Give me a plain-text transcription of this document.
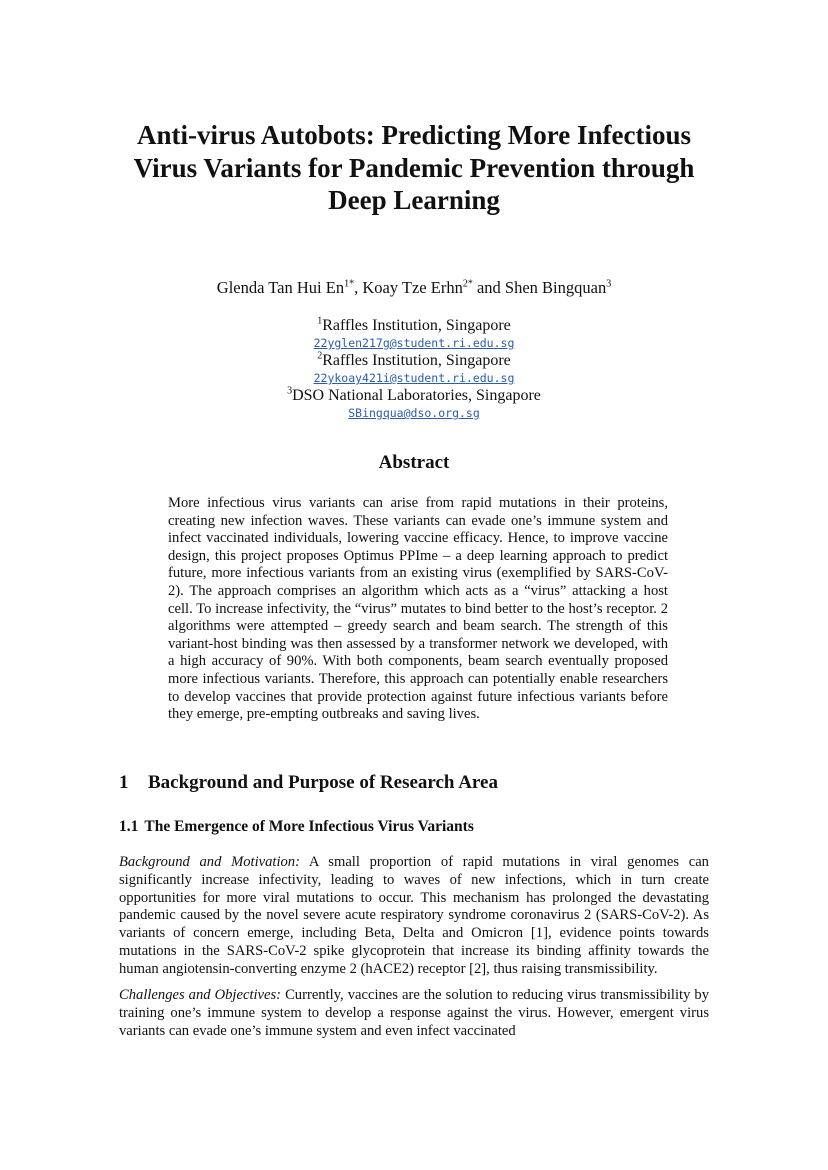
Anti-virus Autobots: Predicting More Infectious
Virus Variants for Pandemic Prevention through
Deep Learning

Glenda Tan Hui $En^{1*}$, Koay Tze Erhn$^{2*}$ and Shen Bingquan$^3$

$^1$Raffles Institution, Singapore

22yglen217g@student.ri.edu.sg

$^2$Raffles Institution, Singapore

22ykoay421i@student.ri.edu.sg

$^3$DSO National Laboratories, Singapore

SBingqua@dso.org.sg
Abstract

More infectious virus variants can arise from rapid mutations in their proteins, creating new infection waves. These variants can evade one’s immune system and infect vaccinated individuals, lowering vaccine efficacy. Hence, to improve vaccine design, this project proposes Optimus PPIme – a deep learning approach to predict future, more infectious variants from an existing virus (exemplified by SARS-CoV-2). The approach comprises an algorithm which acts as a “virus” attacking a host cell. To increase infectivity, the “virus” mutates to bind better to the host’s receptor. 2 algorithms were attempted – greedy search and beam search. The strength of this variant-host binding was then assessed by a transformer network we developed, with a high accuracy of 90%. With both components, beam search eventually proposed more infectious variants. Therefore, this approach can potentially enable researchers to develop vaccines that provide protection against future infectious variants before they emerge, pre-empting outbreaks and saving lives.

1 Background and Purpose of Research Area
1.1 The Emergence of More Infectious Virus Variants

Background and Motivation: A small proportion of rapid mutations in viral genomes can significantly increase infectivity, leading to waves of new infections, which in turn create opportunities for more viral mutations to occur. This mechanism has prolonged the devastating pandemic caused by the novel severe acute respiratory syndrome coronavirus 2 (SARS-CoV-2). As variants of concern emerge, including Beta, Delta and Omicron [1], evidence points towards mutations in the SARS-CoV-2 spike glycoprotein that increase its binding affinity towards the human angiotensin-converting enzyme 2 (hACE2) receptor [2], thus raising transmissibility.

Challenges and Objectives: Currently, vaccines are the solution to reducing virus transmissibility by training one’s immune system to develop a response against the virus. However, emergent virus variants can evade one’s immune system and even infect vaccinated
